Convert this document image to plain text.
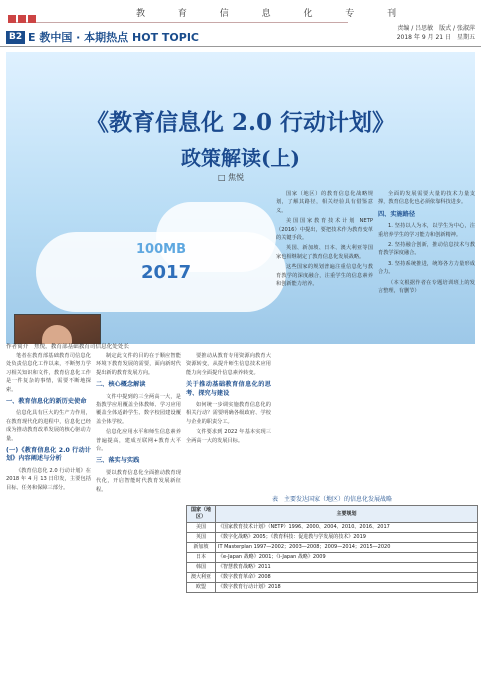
教 育 信 息 化 专 刊
B2 E 教中国 · 本期热点 HOT TOPIC
责编 / 吕思敏　版式 / 张淑萍
2018 年 9 月 21 日　星期五
100MB
2017
《教育信息化 2.0 行动计划》
政策解读(上)
□ 焦悦
作者简介　焦悦，教育部基础教育司信息化处处长

笔者在教育部基础教育司信息化处负责信息化工作以来，不断努力学习相关知识和文件，教育信息化工作是一件复杂的事情，需要不断地探索。

一、教育信息化的新历史使命

信息化具有巨大的生产力作用，在教育现代化的进程中，信息化已经成为推动教育改革发展的核心驱动力量。

(一)《教育信息化 2.0 行动计划》内容阐述与分析

《教育信息化 2.0 行动计划》在 2018 年 4 月 13 日印发，主要包括目标、任务和保障三部分。

制定此文件的目的在于顺应智能环境下教育发展的需要，面向新时代提出新的教育发展方向。

二、核心概念解读

文件中提到的三全两高一大，是指教学应用覆盖全体教师、学习应用覆盖全体适龄学生、数字校园建设覆盖全体学校。

信息化应用水平和师生信息素养普遍提高，建成互联网+教育大平台。

三、落实与实践

要以教育信息化全面推动教育现代化，开启智能时代教育发展新征程。

要推动从教育专用资源向教育大资源转变，从提升师生信息技术应用能力向全面提升信息素养转变。

关于推动基础教育信息化的思考、探究与建设

如何统一步调实施教育信息化的相关行动？需要明确各级政府、学校与企业的职责分工。

文件要求到 2022 年基本实现三全两高一大的发展目标。

国家（地区）的教育信息化战略规划，了解其路径，相关经验具有借鉴意义。

美国国家教育技术计划 NETP（2016）中提出，要把技术作为教育变革的关键手段。

英国、新加坡、日本、澳大利亚等国家也相继制定了教育信息化发展战略。

这些国家的规划普遍注重信息化与教育教学的深度融合，注重学生的信息素养和创新能力培养。

全面的发展需要大量的技术力量支撑，教育信息化也必须依靠科技进步。

四、实施路径

1. 坚持以人为本，以学生为中心，注重培养学生的学习能力和创新精神。

2. 坚持融合创新，推动信息技术与教育教学深度融合。

3. 坚持系统推进，统筹各方力量形成合力。

（本文根据作者在专题培训班上的发言整理，有删节）

表　主要发达国家（地区）的信息化发展战略
国家（地区）	主要规划
美国	《国家教育技术计划》（NETP）1996、2000、2004、2010、2016、2017
英国	《数字化战略》2005；《教育科技：促进教与学发展的技术》2019
新加坡	IT Masterplan 1997—2002；2003—2008；2009—2014；2015—2020
日本	《e-Japan 战略》2001；《i-Japan 战略》2009
韩国	《智慧教育战略》2011
澳大利亚	《数字教育革命》2008
欧盟	《数字教育行动计划》2018
